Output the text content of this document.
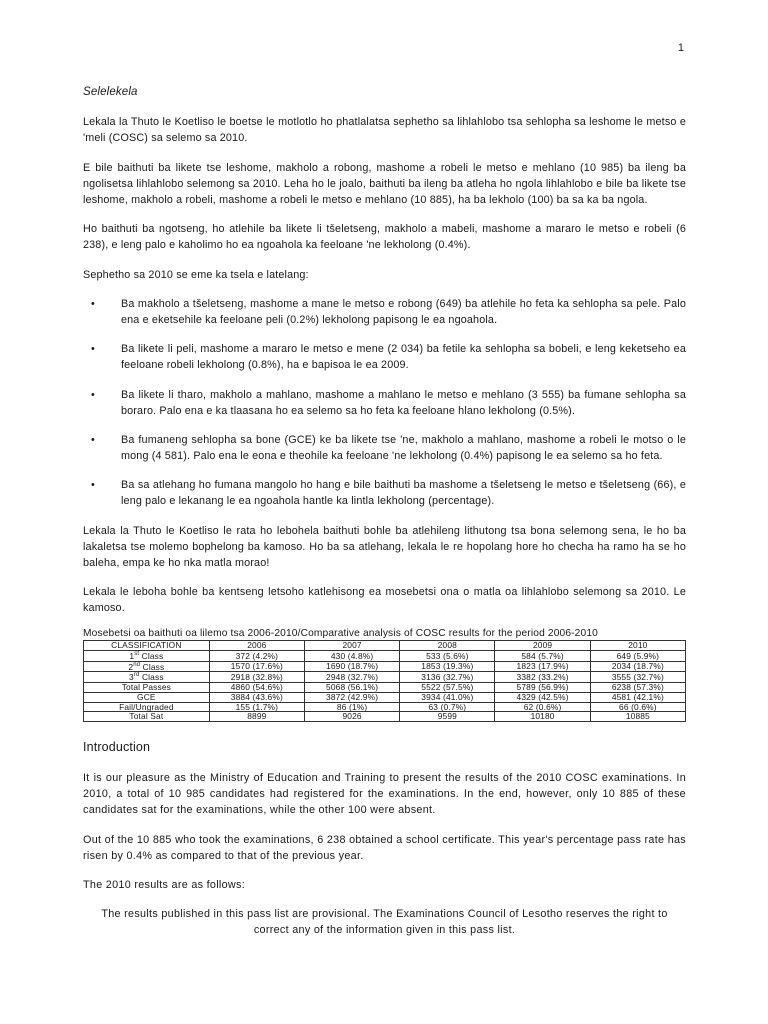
1

Selelekela

Lekala la Thuto le Koetliso le boetse le motlotlo ho phatlalatsa sephetho sa lihlahlobo tsa sehlopha sa leshome le metso e 'meli (COSC) sa selemo sa 2010.

E bile baithuti ba likete tse leshome, makholo a robong, mashome a robeli le metso e mehlano (10 985) ba ileng ba ngolisetsa lihlahlobo selemong sa 2010. Leha ho le joalo, baithuti ba ileng ba atleha ho ngola lihlahlobo e bile ba likete tse leshome, makholo a robeli, mashome a robeli le metso e mehlano (10 885), ha ba lekholo (100) ba sa ka ba ngola.

Ho baithuti ba ngotseng, ho atlehile ba likete li tšeletseng, makholo a mabeli, mashome a mararo le metso e robeli (6 238), e leng palo e kaholimo ho ea ngoahola ka feeloane 'ne lekholong (0.4%).

Sephetho sa 2010 se eme ka tsela e latelang:

• Ba makholo a tšeletseng, mashome a mane le metso e robong (649) ba atlehile ho feta ka sehlopha sa pele. Palo ena e eketsehile ka feeloane peli (0.2%) lekholong papisong le ea ngoahola.
• Ba likete li peli, mashome a mararo le metso e mene (2 034) ba fetile ka sehlopha sa bobeli, e leng keketseho ea feeloane robeli lekholong (0.8%), ha e bapisoa le ea 2009.
• Ba likete li tharo, makholo a mahlano, mashome a mahlano le metso e mehlano (3 555) ba fumane sehlopha sa boraro. Palo ena e ka tlaasana ho ea selemo sa ho feta ka feeloane hlano lekholong (0.5%).
• Ba fumaneng sehlopha sa bone (GCE) ke ba likete tse 'ne, makholo a mahlano, mashome a robeli le motso o le mong (4 581). Palo ena le eona e theohile ka feeloane 'ne lekholong (0.4%) papisong le ea selemo sa ho feta.
• Ba sa atlehang ho fumana mangolo ho hang e bile baithuti ba mashome a tšeletseng le metso e tšeletseng (66), e leng palo e lekanang le ea ngoahola hantle ka lintla lekholong (percentage).

Lekala la Thuto le Koetliso le rata ho lebohela baithuti bohle ba atlehileng lithutong tsa bona selemong sena, le ho ba lakaletsa tse molemo bophelong ba kamoso. Ho ba sa atlehang, lekala le re hopolang hore ho checha ha ramo ha se ho baleha, empa ke ho nka matla morao!

Lekala le leboha bohle ba kentseng letsoho katlehisong ea mosebetsi ona o matla oa lihlahlobo selemong sa 2010. Le kamoso.

Mosebetsi oa baithuti oa lilemo tsa 2006-2010/Comparative analysis of COSC results for the period 2006-2010
CLASSIFICATION	2006	2007	2008	2009	2010
1st Class	372 (4.2%)	430 (4.8%)	533 (5.6%)	584 (5.7%)	649 (5.9%)
2nd Class	1570 (17.6%)	1690 (18.7%)	1853 (19.3%)	1823 (17.9%)	2034 (18.7%)
3rd Class	2918 (32.8%)	2948 (32.7%)	3136 (32.7%)	3382 (33.2%)	3555 (32.7%)
Total Passes	4860 (54.6%)	5068 (56.1%)	5522 (57.5%)	5789 (56.9%)	6238 (57.3%)
GCE	3884 (43.6%)	3872 (42.9%)	3934 (41.0%)	4329 (42.5%)	4581 (42.1%)
Fail/Ungraded	155 (1.7%)	86 (1%)	63 (0.7%)	62 (0.6%)	66 (0.6%)
Total Sat	8899	9026	9599	10180	10885

Introduction

It is our pleasure as the Ministry of Education and Training to present the results of the 2010 COSC examinations. In 2010, a total of 10 985 candidates had registered for the examinations. In the end, however, only 10 885 of these candidates sat for the examinations, while the other 100 were absent.

Out of the 10 885 who took the examinations, 6 238 obtained a school certificate. This year's percentage pass rate has risen by 0.4% as compared to that of the previous year.

The 2010 results are as follows:

The results published in this pass list are provisional. The Examinations Council of Lesotho reserves the right to correct any of the information given in this pass list.
